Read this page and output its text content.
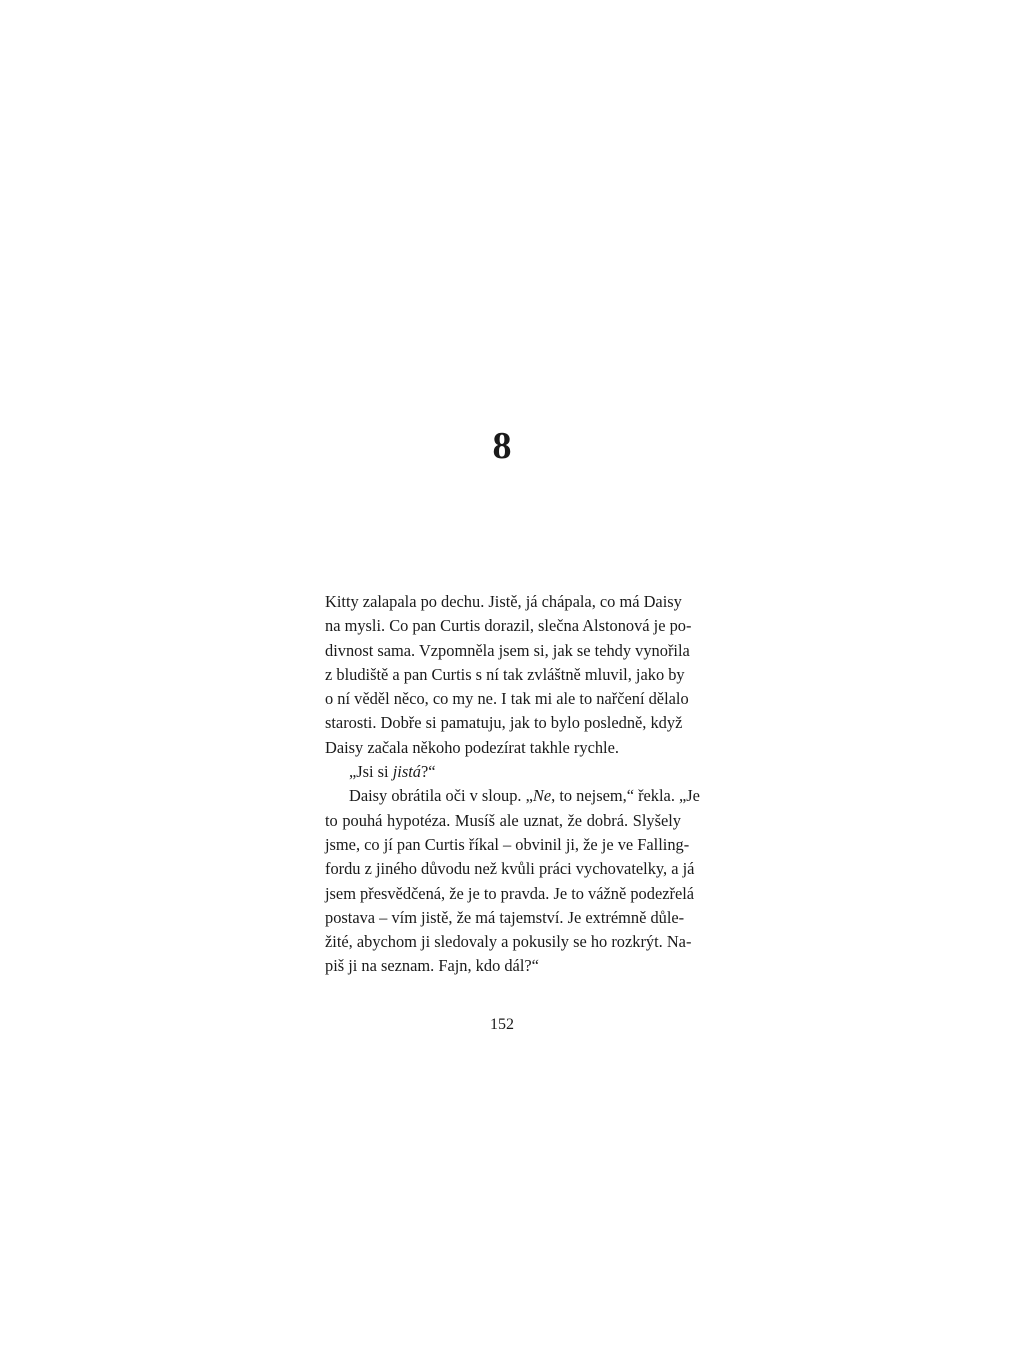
8
Kitty zalapala po dechu. Jistě, já chápala, co má Daisy
na mysli. Co pan Curtis dorazil, slečna Alstonová je po-
divnost sama. Vzpomněla jsem si, jak se tehdy vynořila
z bludiště a pan Curtis s ní tak zvláštně mluvil, jako by
o ní věděl něco, co my ne. I tak mi ale to nařčení dělalo
starosti. Dobře si pamatuju, jak to bylo posledně, když
Daisy začala někoho podezírat takhle rychle.
„Jsi si jistá?“
Daisy obrátila oči v sloup. „Ne, to nejsem,“ řekla. „Je
to pouhá hypotéza. Musíš ale uznat, že dobrá. Slyšely
jsme, co jí pan Curtis říkal – obvinil ji, že je ve Falling-
fordu z jiného důvodu než kvůli práci vychovatelky, a já
jsem přesvědčená, že je to pravda. Je to vážně podezřelá
postava – vím jistě, že má tajemství. Je extrémně důle-
žité, abychom ji sledovaly a pokusily se ho rozkrýt. Na-
piš ji na seznam. Fajn, kdo dál?“
152
